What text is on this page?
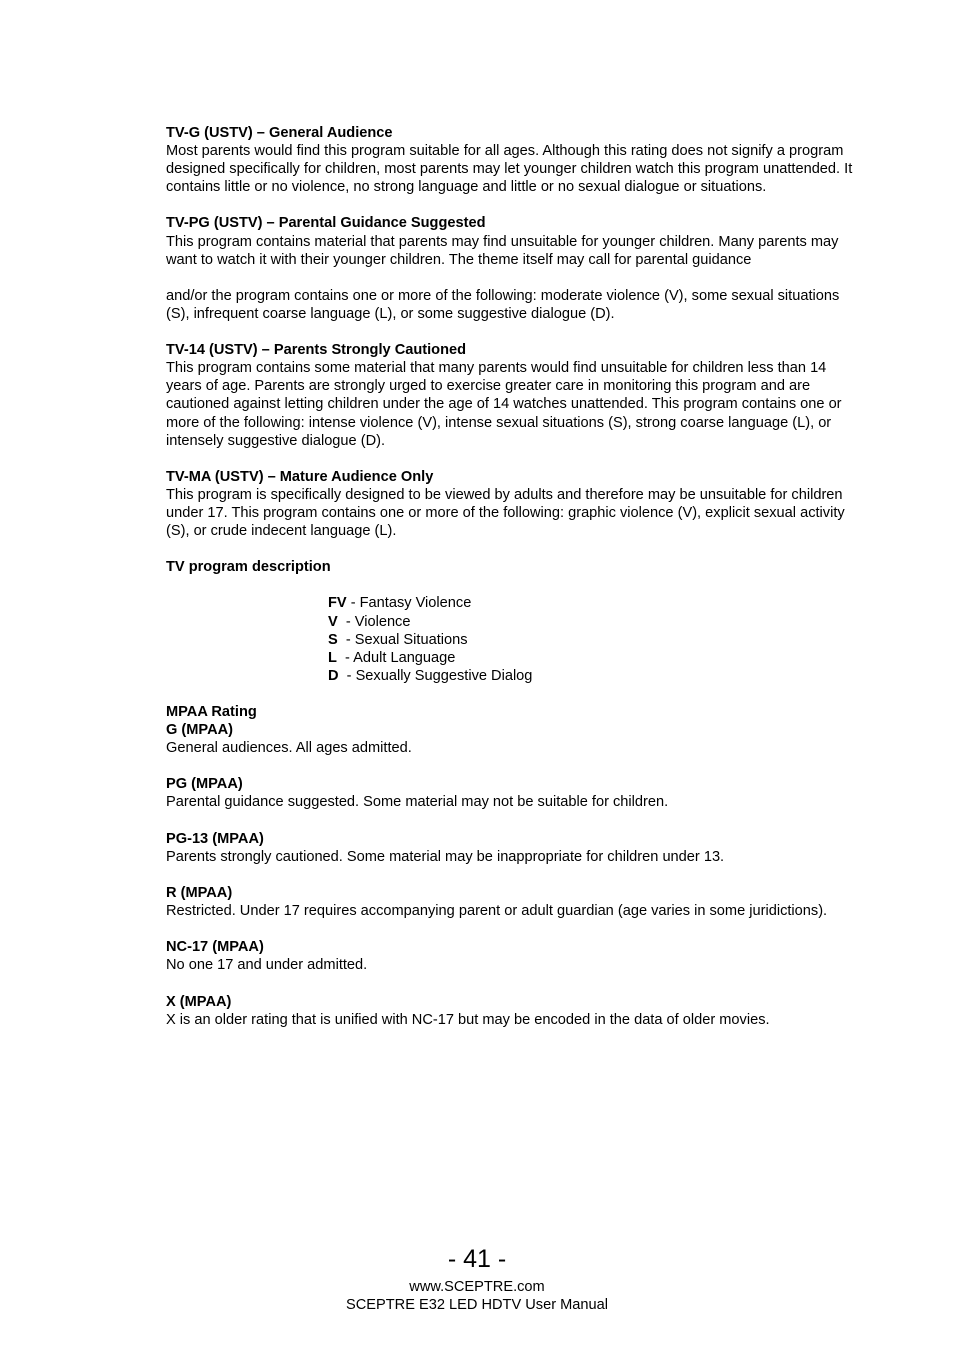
TV-G (USTV) – General Audience
Most parents would find this program suitable for all ages. Although this rating does not signify a program designed specifically for children, most parents may let younger children watch this program unattended. It contains little or no violence, no strong language and little or no sexual dialogue or situations.
TV-PG (USTV) – Parental Guidance Suggested
This program contains material that parents may find unsuitable for younger children. Many parents may want to watch it with their younger children. The theme itself may call for parental guidance
and/or the program contains one or more of the following: moderate violence (V), some sexual situations (S), infrequent coarse language (L), or some suggestive dialogue (D).
TV-14 (USTV) – Parents Strongly Cautioned
This program contains some material that many parents would find unsuitable for children less than 14 years of age. Parents are strongly urged to exercise greater care in monitoring this program and are cautioned against letting children under the age of 14 watches unattended. This program contains one or more of the following: intense violence (V), intense sexual situations (S), strong coarse language (L), or intensely suggestive dialogue (D).
TV-MA (USTV) – Mature Audience Only
This program is specifically designed to be viewed by adults and therefore may be unsuitable for children under 17. This program contains one or more of the following: graphic violence (V), explicit sexual activity (S), or crude indecent language (L).
TV program description
FV - Fantasy Violence
V  - Violence
S  - Sexual Situations
L  - Adult Language
D  - Sexually Suggestive Dialog
MPAA Rating
G (MPAA)
General audiences. All ages admitted.
PG (MPAA)
Parental guidance suggested. Some material may not be suitable for children.
PG-13 (MPAA)
Parents strongly cautioned. Some material may be inappropriate for children under 13.
R (MPAA)
Restricted. Under 17 requires accompanying parent or adult guardian (age varies in some juridictions).
NC-17 (MPAA)
No one 17 and under admitted.
X (MPAA)
X is an older rating that is unified with NC-17 but may be encoded in the data of older movies.
- 41 -
www.SCEPTRE.com
SCEPTRE E32 LED HDTV User Manual
